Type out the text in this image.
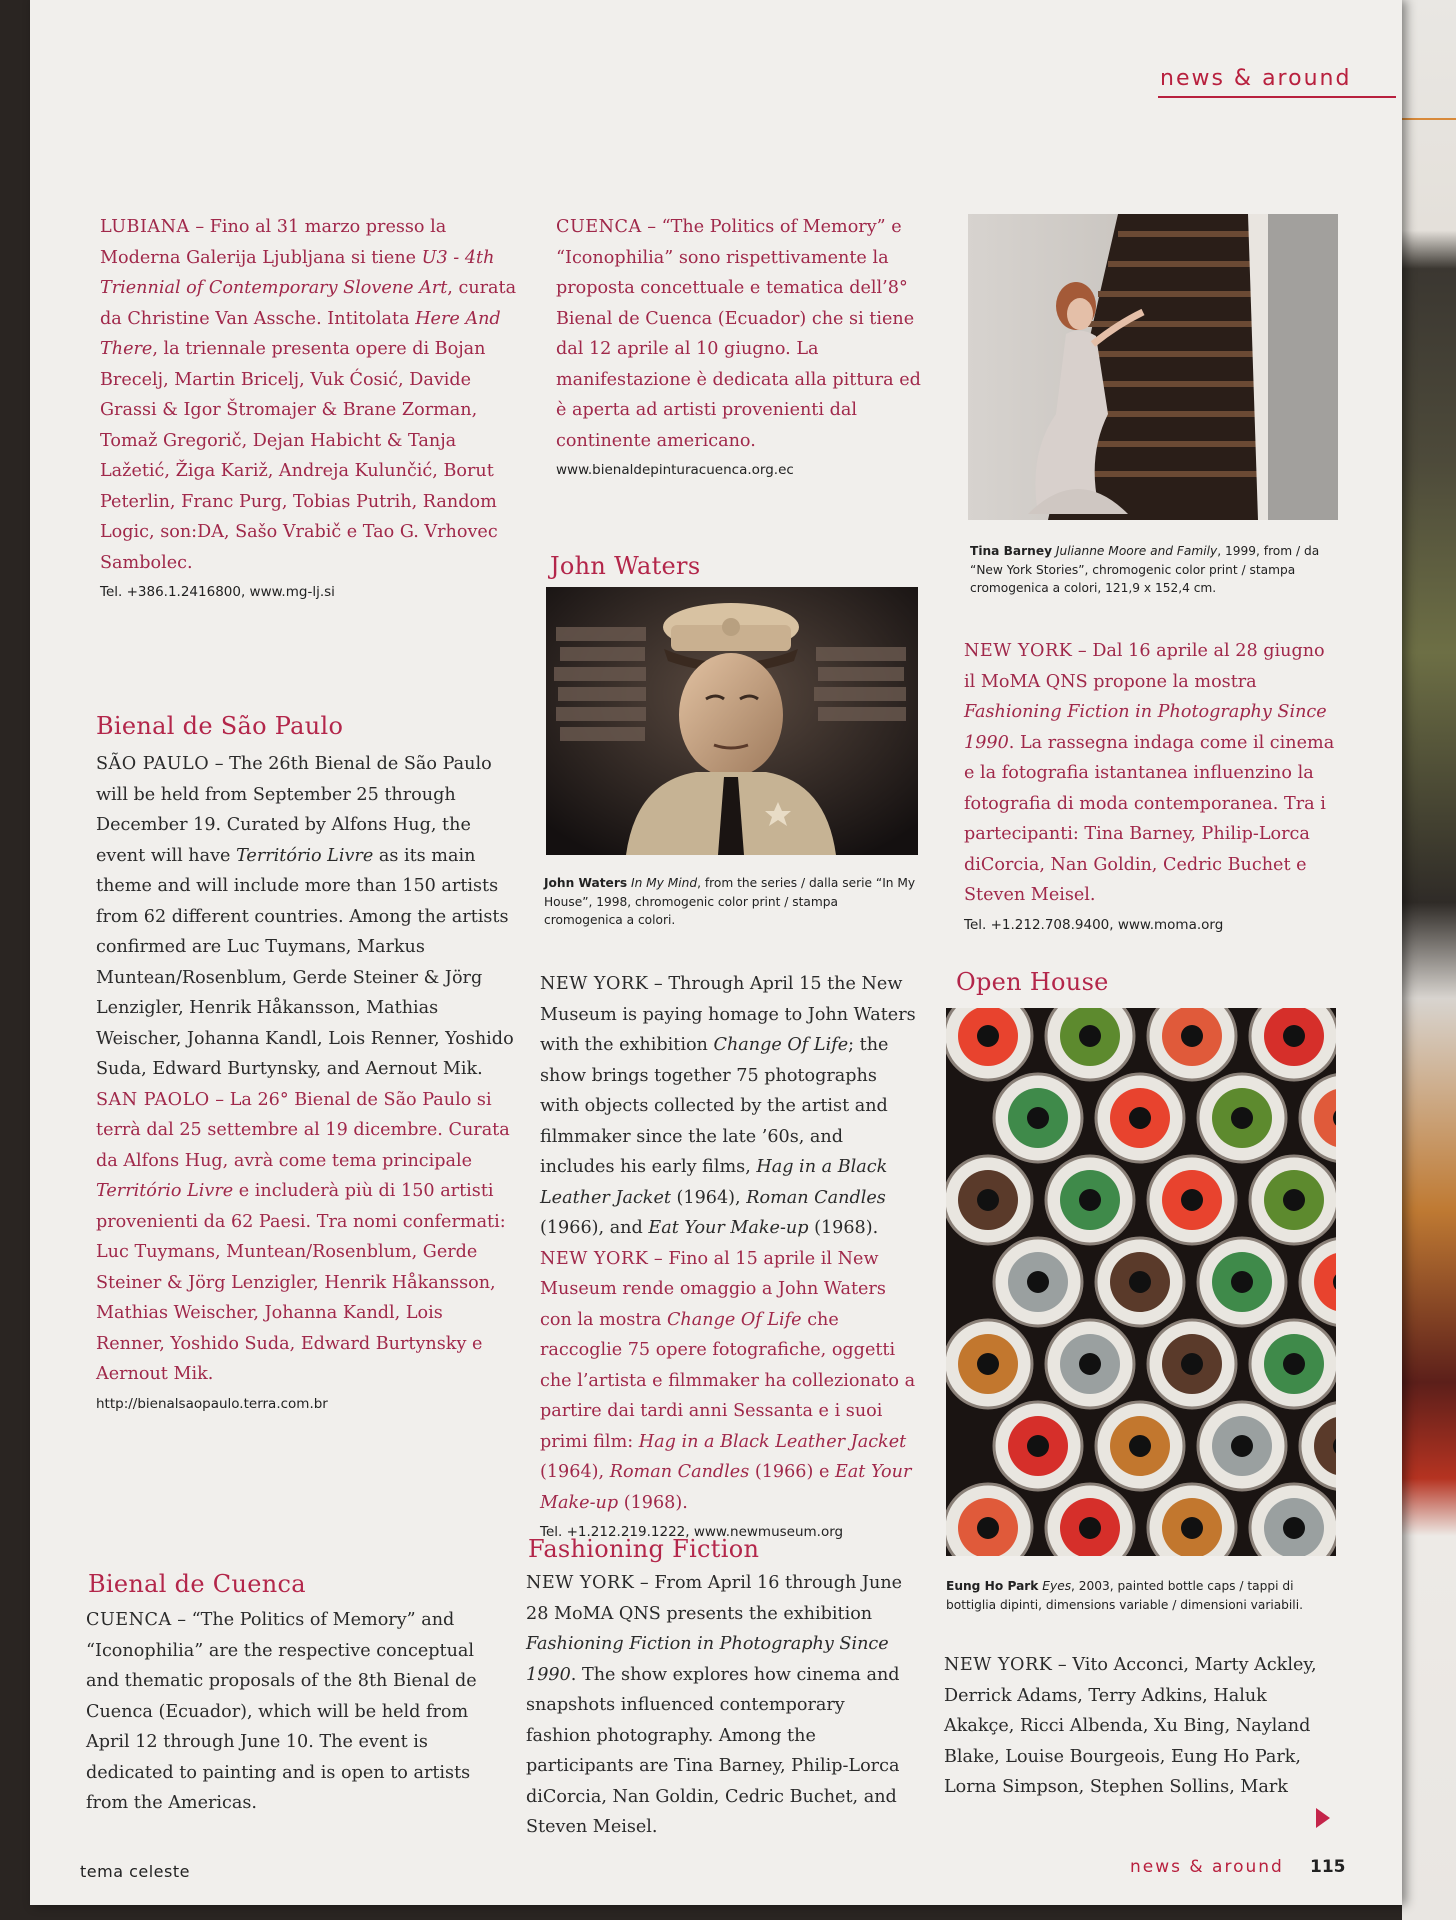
news & around

LUBIANA – Fino al 31 marzo presso la Moderna Galerija Ljubljana si tiene U3 - 4th Triennial of Contemporary Slovene Art, curata da Christine Van Assche. Intitolata Here And There, la triennale presenta opere di Bojan Brecelj, Martin Bricelj, Vuk Ćosić, Davide Grassi & Igor Štromajer & Brane Zorman, Tomaž Gregorič, Dejan Habicht & Tanja Lažetić, Žiga Kariž, Andreja Kulunčić, Borut Peterlin, Franc Purg, Tobias Putrih, Random Logic, son:DA, Sašo Vrabič e Tao G. Vrhovec Sambolec.

Tel. +386.1.2416800, www.mg-lj.si

Bienal de São Paulo

SÃO PAULO – The 26th Bienal de São Paulo will be held from September 25 through December 19. Curated by Alfons Hug, the event will have Território Livre as its main theme and will include more than 150 artists from 62 different countries. Among the artists confirmed are Luc Tuymans, Markus Muntean/Rosenblum, Gerde Steiner & Jörg Lenzigler, Henrik Håkansson, Mathias Weischer, Johanna Kandl, Lois Renner, Yoshido Suda, Edward Burtynsky, and Aernout Mik.

SAN PAOLO – La 26° Bienal de São Paulo si terrà dal 25 settembre al 19 dicembre. Curata da Alfons Hug, avrà come tema principale Território Livre e includerà più di 150 artisti provenienti da 62 Paesi. Tra nomi confermati: Luc Tuymans, Muntean/Rosenblum, Gerde Steiner & Jörg Lenzigler, Henrik Håkansson, Mathias Weischer, Johanna Kandl, Lois Renner, Yoshido Suda, Edward Burtynsky e Aernout Mik.

http://bienalsaopaulo.terra.com.br

Bienal de Cuenca

CUENCA – “The Politics of Memory” and “Iconophilia” are the respective conceptual and thematic proposals of the 8th Bienal de Cuenca (Ecuador), which will be held from April 12 through June 10. The event is dedicated to painting and is open to artists from the Americas.

CUENCA – “The Politics of Memory” e “Iconophilia” sono rispettivamente la proposta concettuale e tematica dell’8° Bienal de Cuenca (Ecuador) che si tiene dal 12 aprile al 10 giugno. La manifestazione è dedicata alla pittura ed è aperta ad artisti provenienti dal continente americano.

www.bienaldepinturacuenca.org.ec

John Waters
John Waters In My Mind, from the series / dalla serie “In My House”, 1998, chromogenic color print / stampa cromogenica a colori.

NEW YORK – Through April 15 the New Museum is paying homage to John Waters with the exhibition Change Of Life; the show brings together 75 photographs with objects collected by the artist and filmmaker since the late ’60s, and includes his early films, Hag in a Black Leather Jacket (1964), Roman Candles (1966), and Eat Your Make-up (1968).

NEW YORK – Fino al 15 aprile il New Museum rende omaggio a John Waters con la mostra Change Of Life che raccoglie 75 opere fotografiche, oggetti che l’artista e filmmaker ha collezionato a partire dai tardi anni Sessanta e i suoi primi film: Hag in a Black Leather Jacket (1964), Roman Candles (1966) e Eat Your Make-up (1968).

Tel. +1.212.219.1222, www.newmuseum.org

Fashioning Fiction

NEW YORK – From April 16 through June 28 MoMA QNS presents the exhibition Fashioning Fiction in Photography Since 1990. The show explores how cinema and snapshots influenced contemporary fashion photography. Among the participants are Tina Barney, Philip-Lorca diCorcia, Nan Goldin, Cedric Buchet, and Steven Meisel.

Tina Barney Julianne Moore and Family, 1999, from / da “New York Stories”, chromogenic color print / stampa cromogenica a colori, 121,9 x 152,4 cm.

NEW YORK – Dal 16 aprile al 28 giugno il MoMA QNS propone la mostra Fashioning Fiction in Photography Since 1990. La rassegna indaga come il cinema e la fotografia istantanea influenzino la fotografia di moda contemporanea. Tra i partecipanti: Tina Barney, Philip-Lorca diCorcia, Nan Goldin, Cedric Buchet e Steven Meisel.

Tel. +1.212.708.9400, www.moma.org

Open House
Eung Ho Park Eyes, 2003, painted bottle caps / tappi di bottiglia dipinti, dimensions variable / dimensioni variabili.

NEW YORK – Vito Acconci, Marty Ackley, Derrick Adams, Terry Adkins, Haluk Akakçe, Ricci Albenda, Xu Bing, Nayland Blake, Louise Bourgeois, Eung Ho Park, Lorna Simpson, Stephen Sollins, Mark

tema celeste	news & around 115
